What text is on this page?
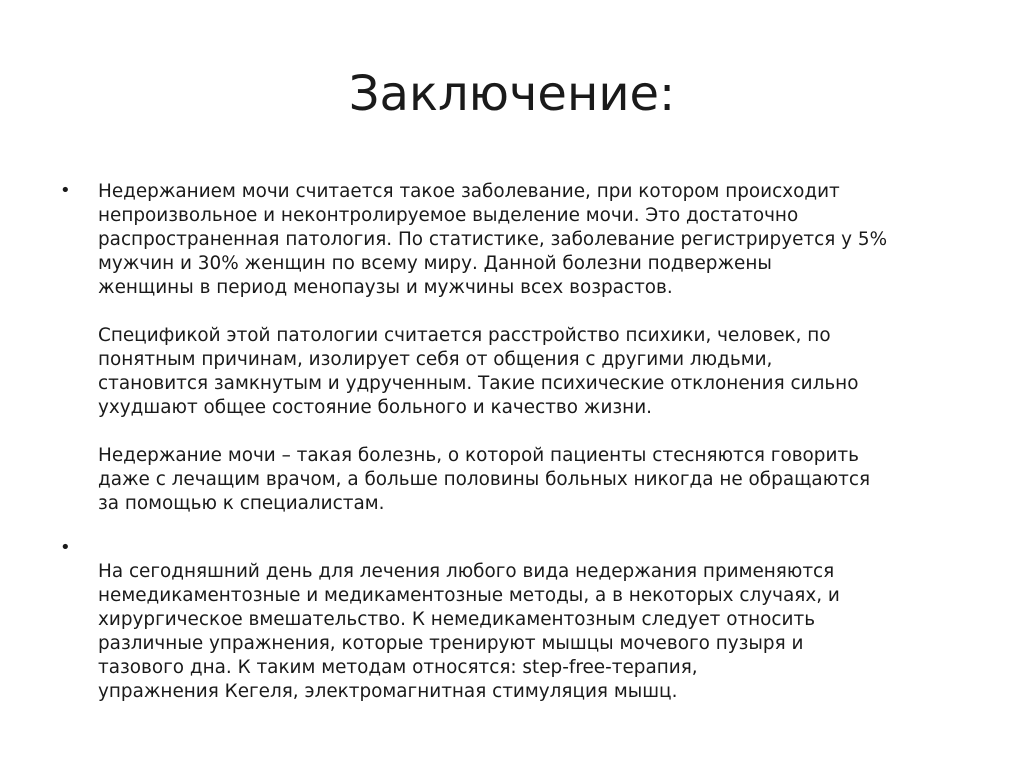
Заключение:
• Недержанием мочи считается такое заболевание, при котором происходит
непроизвольное и неконтролируемое выделение мочи. Это достаточно
распространенная патология. По статистике, заболевание регистрируется у 5%
мужчин и 30% женщин по всему миру. Данной болезни подвержены
женщины в период менопаузы и мужчины всех возрастов.

Спецификой этой патологии считается расстройство психики, человек, по
понятным причинам, изолирует себя от общения с другими людьми,
становится замкнутым и удрученным. Такие психические отклонения сильно
ухудшают общее состояние больного и качество жизни.

Недержание мочи – такая болезнь, о которой пациенты стесняются говорить
даже с лечащим врачом, а больше половины больных никогда не обращаются
за помощью к специалистам.

•

На сегодняшний день для лечения любого вида недержания применяются
немедикаментозные и медикаментозные методы, а в некоторых случаях, и
хирургическое вмешательство. К немедикаментозным следует относить
различные упражнения, которые тренируют мышцы мочевого пузыря и
тазового дна. К таким методам относятся: step-free-терапия,
упражнения Кегеля, электромагнитная стимуляция мышц.
